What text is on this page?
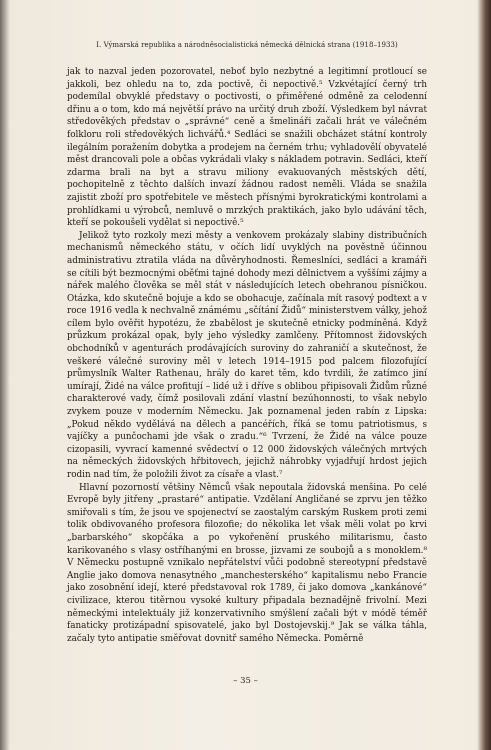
I. Výmarská republika a národněsocialistická německá dělnická strana (1918–1933)

jak to nazval jeden pozorovatel, neboť bylo nezbytné a legitimní protloucí se jakkoli, bez ohledu na to, zda poctivě, či nepoctivě.⁵ Vzkvétající černý trh podemílal obvyklé představy o poctivosti, o přiměřené odměně za celodenní dřinu a o tom, kdo má největší právo na určitý druh zboží. Výsledkem byl návrat středověkých představ o „správné“ ceně a šmelináři začali hrát ve válečném folkloru roli středověkých lichvářů.⁴ Sedláci se snažili obcházet státní kontroly ilegálním poražením dobytka a prodejem na černém trhu; vyhladovělí obyvatelé měst drancovali pole a občas vykrádali vlaky s nákladem potravin. Sedláci, kteří zdarma brali na byt a stravu miliony evakuovaných městských dětí, pochopitelně z těchto dalších invazí žádnou radost neměli. Vláda se snažila zajistit zboží pro spotřebitele ve městech přísnými byrokratickými kontrolami a prohlídkami u výrobců, nemluvě o mrzkých praktikách, jako bylo udávání těch, kteří se pokoušeli vydělat si nepoctivě.⁵

Jelikož tyto rozkoly mezi městy a venkovem prokázaly slabiny distribučních mechanismů německého státu, v očích lidí uvyklých na pověstně účinnou administrativu ztratila vláda na důvěryhodnosti. Řemeslníci, sedláci a kramáři se cítili být bezmocnými oběťmi tajné dohody mezi dělnictvem a vyššími zájmy a nářek malého člověka se měl stát v následujících letech obehranou písničkou. Otázka, kdo skutečně bojuje a kdo se obohacuje, začínala mít rasový podtext a v roce 1916 vedla k nechvalně známému „sčítání Židů“ ministerstvem války, jehož cílem bylo ověřit hypotézu, že zbabělost je skutečně etnicky podmíněná. Když průzkum prokázal opak, byly jeho výsledky zamlčeny. Přítomnost židovských obchodníků v agenturách prodávajících suroviny do zahraničí a skutečnost, že veškeré válečné suroviny měl v letech 1914–1915 pod palcem filozofující průmyslník Walter Rathenau, hrály do karet těm, kdo tvrdili, že zatímco jiní umírají, Židé na válce profitují – lidé už i dříve s oblibou připisovali Židům různé charakterové vady, čímž posilovali zdání vlastní bezúhonnosti, to však nebylo zvykem pouze v moderním Německu. Jak poznamenal jeden rabín z Lipska: „Pokud někdo vydělává na dělech a pancéřích, říká se tomu patriotismus, s vajíčky a punčochami jde však o zradu.“⁶ Tvrzení, že Židé na válce pouze cizopasili, vyvrací kamenné svědectví o 12 000 židovských válečných mrtvých na německých židovských hřbitovech, jejichž náhrobky vyjadřují hrdost jejich rodin nad tím, že položili život za císaře a vlast.⁷

Hlavní pozorností většiny Němců však nepoutala židovská menšina. Po celé Evropě byly jitřeny „prastaré“ antipatie. Vzdělaní Angličané se zprvu jen těžko smiřovali s tím, že jsou ve spojenectví se zaostalým carským Ruskem proti zemi tolik obdivovaného profesora filozofie; do několika let však měli volat po krvi „barbarského“ skopčáka a po vykořenění pruského militarismu, často karikovaného s vlasy ostříhanými en brosse, jizvami ze soubojů a s monoklem.⁸ V Německu postupně vznikalo nepřátelství vůči podobně stereotypní představě Anglie jako domova nenasytného „manchesterského“ kapitalismu nebo Francie jako zosobnění idejí, které představoval rok 1789, či jako domova „kankánové“ civilizace, kterou titěrnou vysoké kultury připadala beznadějně frivolní. Mezi německými intelektuály již konzervativního smýšlení začali být v módě téměř fanaticky protizápadní spisovatelé, jako byl Dostojevskij.⁹ Jak se válka táhla, začaly tyto antipatie směřovat dovnitř samého Německa. Poměrně

– 35 –
